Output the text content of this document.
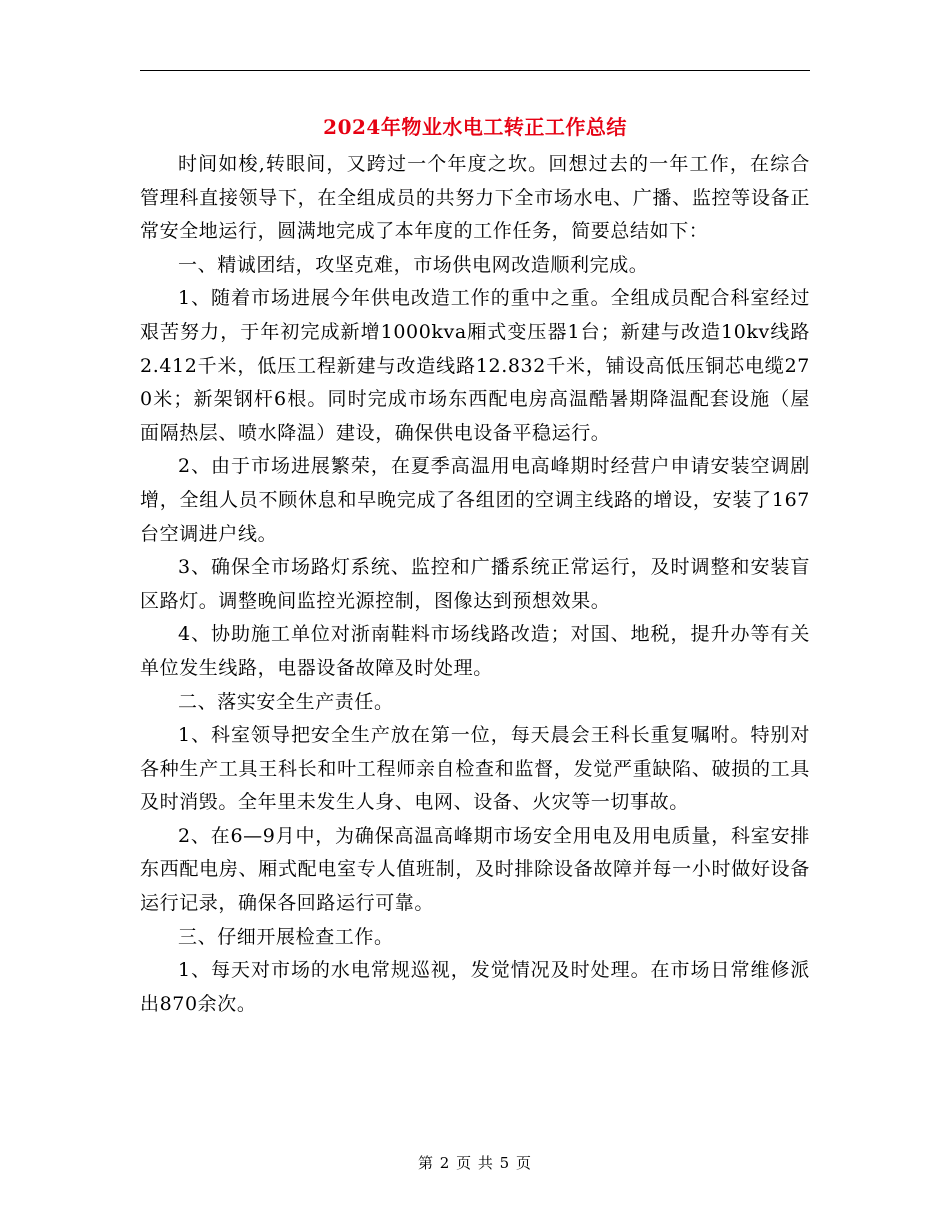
2024年物业水电工转正工作总结

时间如梭,转眼间，又跨过一个年度之坎。回想过去的一年工作，在综合管理科直接领导下，在全组成员的共努力下全市场水电、广播、监控等设备正常安全地运行，圆满地完成了本年度的工作任务，简要总结如下：

一、精诚团结，攻坚克难，市场供电网改造顺利完成。

1、随着市场进展今年供电改造工作的重中之重。全组成员配合科室经过艰苦努力，于年初完成新增1000kva厢式变压器1台；新建与改造10kv线路2.412千米，低压工程新建与改造线路12.832千米，铺设高低压铜芯电缆270米；新架钢杆6根。同时完成市场东西配电房高温酷暑期降温配套设施（屋面隔热层、喷水降温）建设，确保供电设备平稳运行。

2、由于市场进展繁荣，在夏季高温用电高峰期时经营户申请安装空调剧增，全组人员不顾休息和早晚完成了各组团的空调主线路的增设，安装了167台空调进户线。

3、确保全市场路灯系统、监控和广播系统正常运行，及时调整和安装盲区路灯。调整晚间监控光源控制，图像达到预想效果。

4、协助施工单位对浙南鞋料市场线路改造；对国、地税，提升办等有关单位发生线路，电器设备故障及时处理。

二、落实安全生产责任。

1、科室领导把安全生产放在第一位，每天晨会王科长重复嘱咐。特别对各种生产工具王科长和叶工程师亲自检查和监督，发觉严重缺陷、破损的工具及时消毁。全年里未发生人身、电网、设备、火灾等一切事故。

2、在6—9月中，为确保高温高峰期市场安全用电及用电质量，科室安排东西配电房、厢式配电室专人值班制，及时排除设备故障并每一小时做好设备运行记录，确保各回路运行可靠。

三、仔细开展检查工作。

1、每天对市场的水电常规巡视，发觉情况及时处理。在市场日常维修派出870余次。

第 2 页 共 5 页
